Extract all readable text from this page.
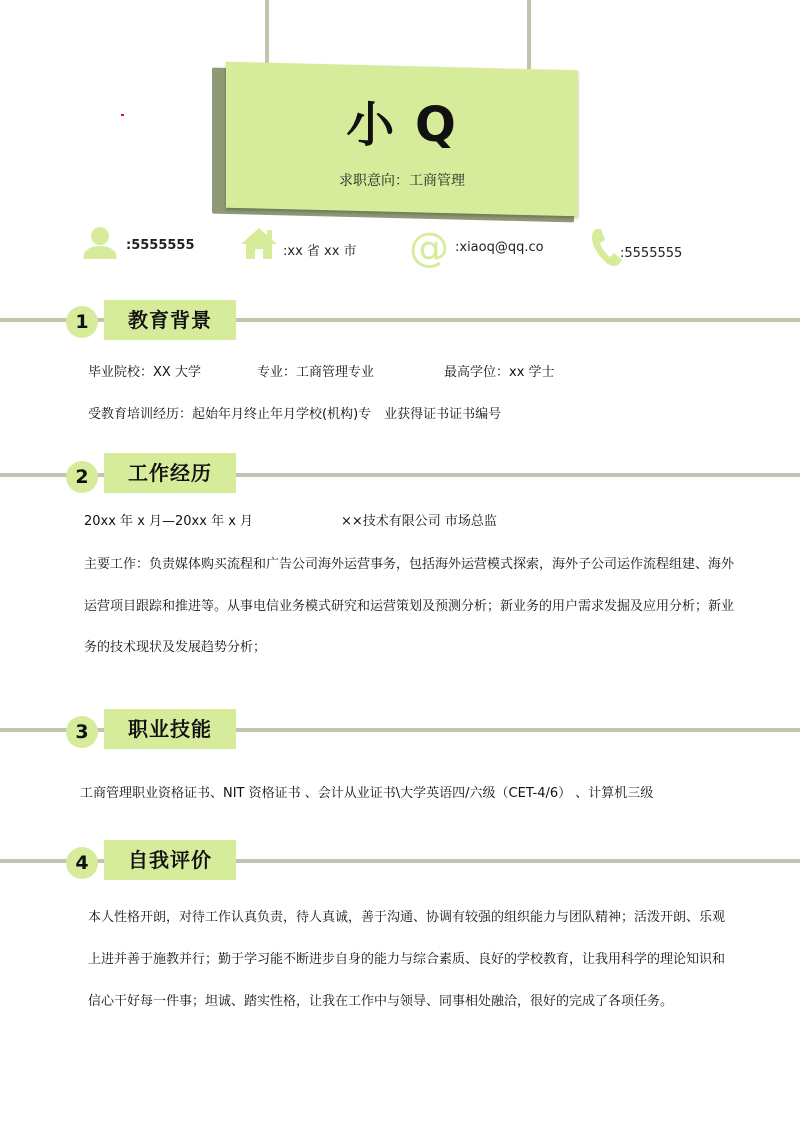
小 Q
求职意向：工商管理
:5555555	:xx 省 xx 市 @ :xiaoq@qq.co	:5555555
1	教育背景
毕业院校：XX 大学	专业：工商管理专业	最高学位：xx 学士
受教育培训经历：起始年月终止年月学校(机构)专　业获得证书证书编号
2	工作经历
20xx 年 x 月—20xx 年 x 月	××技术有限公司 市场总监
主要工作：负责媒体购买流程和广告公司海外运营事务，包括海外运营模式探索，海外子公司运作流程组建、海外
运营项目跟踪和推进等。从事电信业务模式研究和运营策划及预测分析；新业务的用户需求发掘及应用分析；新业
务的技术现状及发展趋势分析；
3	职业技能
工商管理职业资格证书、NIT 资格证书 、会计从业证书\大学英语四/六级（CET-4/6） 、计算机三级
4	自我评价
本人性格开朗，对待工作认真负责，待人真诚，善于沟通、协调有较强的组织能力与团队精神；活泼开朗、乐观
上进并善于施教并行；勤于学习能不断进步自身的能力与综合素质、良好的学校教育，让我用科学的理论知识和
信心干好每一件事；坦诚、踏实性格，让我在工作中与领导、同事相处融洽，很好的完成了各项任务。
